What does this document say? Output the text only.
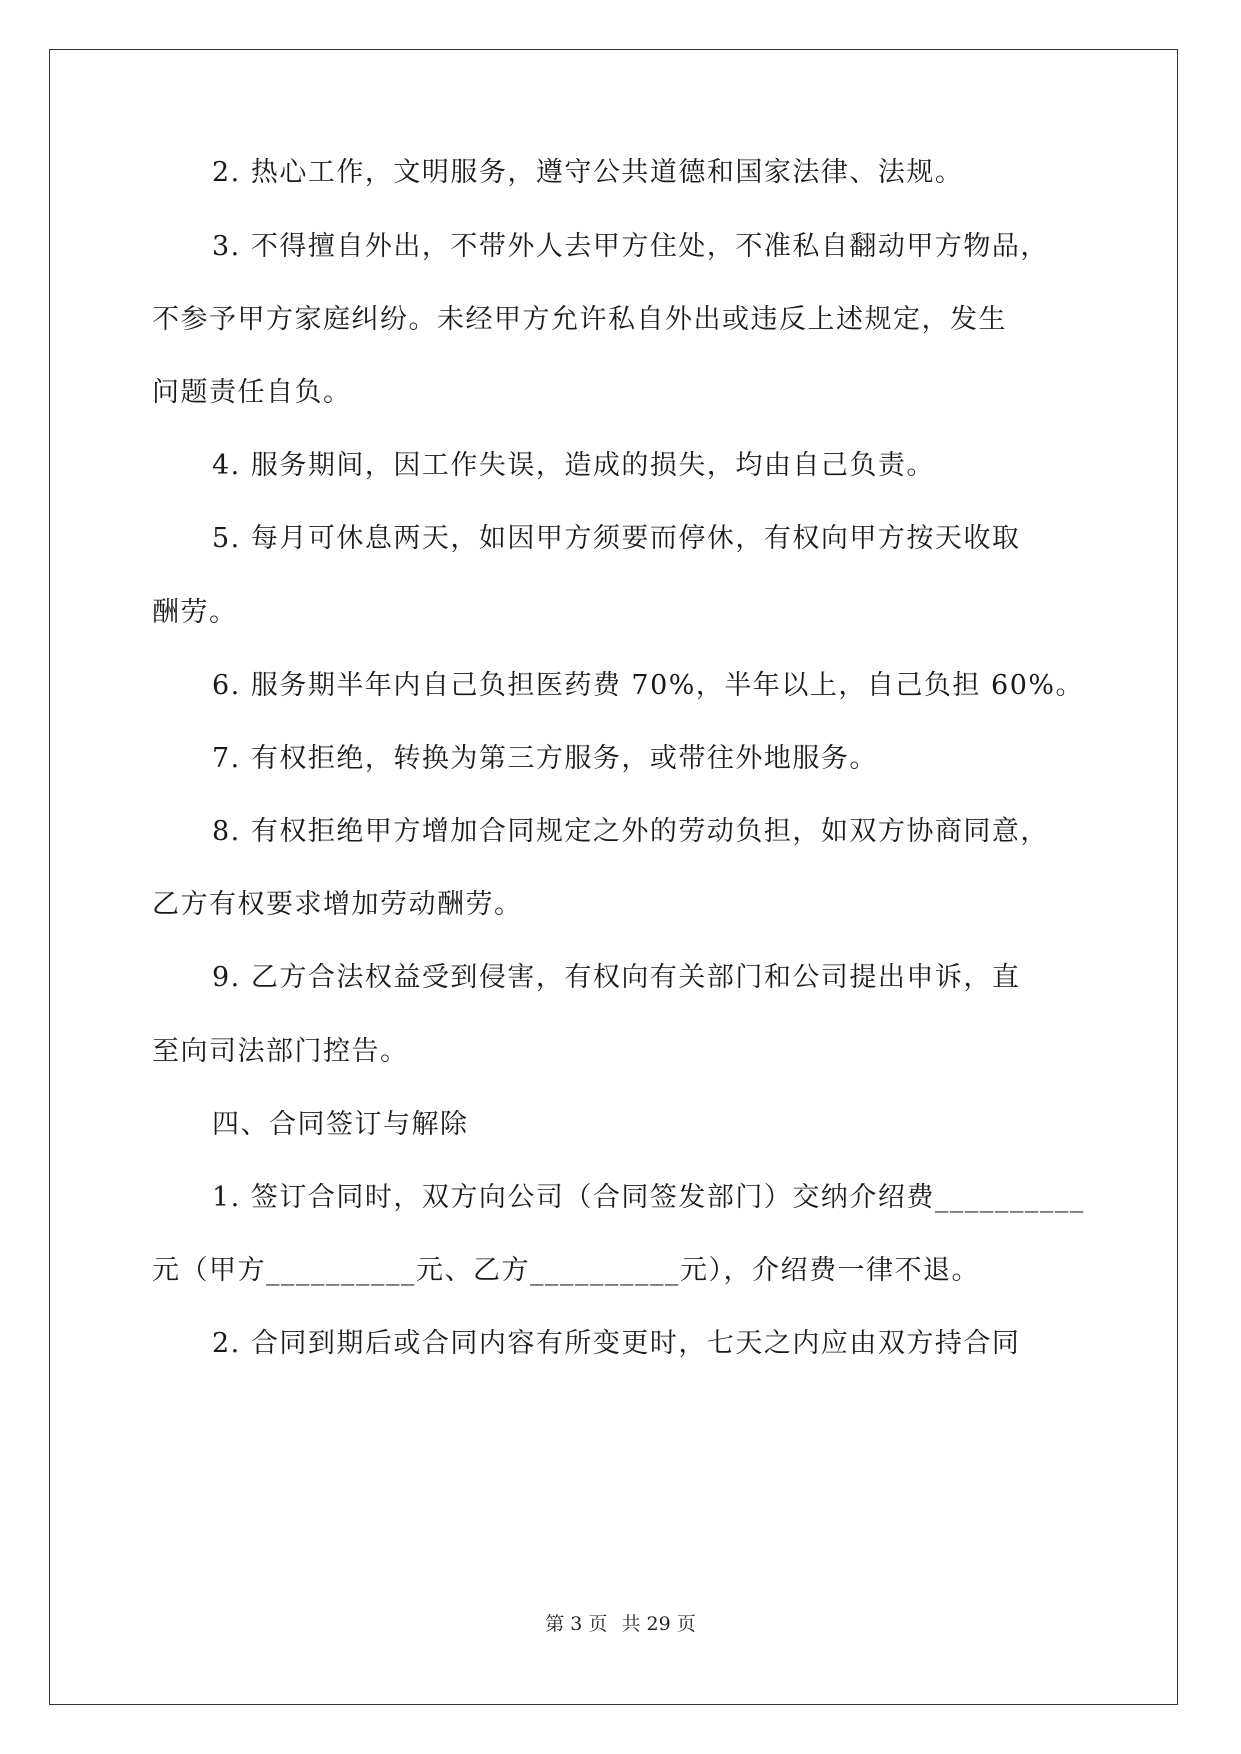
2. 热心工作，文明服务，遵守公共道德和国家法律、法规。
3. 不得擅自外出，不带外人去甲方住处，不准私自翻动甲方物品，
不参予甲方家庭纠纷。未经甲方允许私自外出或违反上述规定，发生
问题责任自负。
4. 服务期间，因工作失误，造成的损失，均由自己负责。
5. 每月可休息两天，如因甲方须要而停休，有权向甲方按天收取
酬劳。
6. 服务期半年内自己负担医药费 70%，半年以上，自己负担 60%。
7. 有权拒绝，转换为第三方服务，或带往外地服务。
8. 有权拒绝甲方增加合同规定之外的劳动负担，如双方协商同意，
乙方有权要求增加劳动酬劳。
9. 乙方合法权益受到侵害，有权向有关部门和公司提出申诉，直
至向司法部门控告。
四、合同签订与解除
1. 签订合同时，双方向公司（合同签发部门）交纳介绍费__________
元（甲方__________元、乙方__________元），介绍费一律不退。
2. 合同到期后或合同内容有所变更时，七天之内应由双方持合同
第 3 页 共 29 页
